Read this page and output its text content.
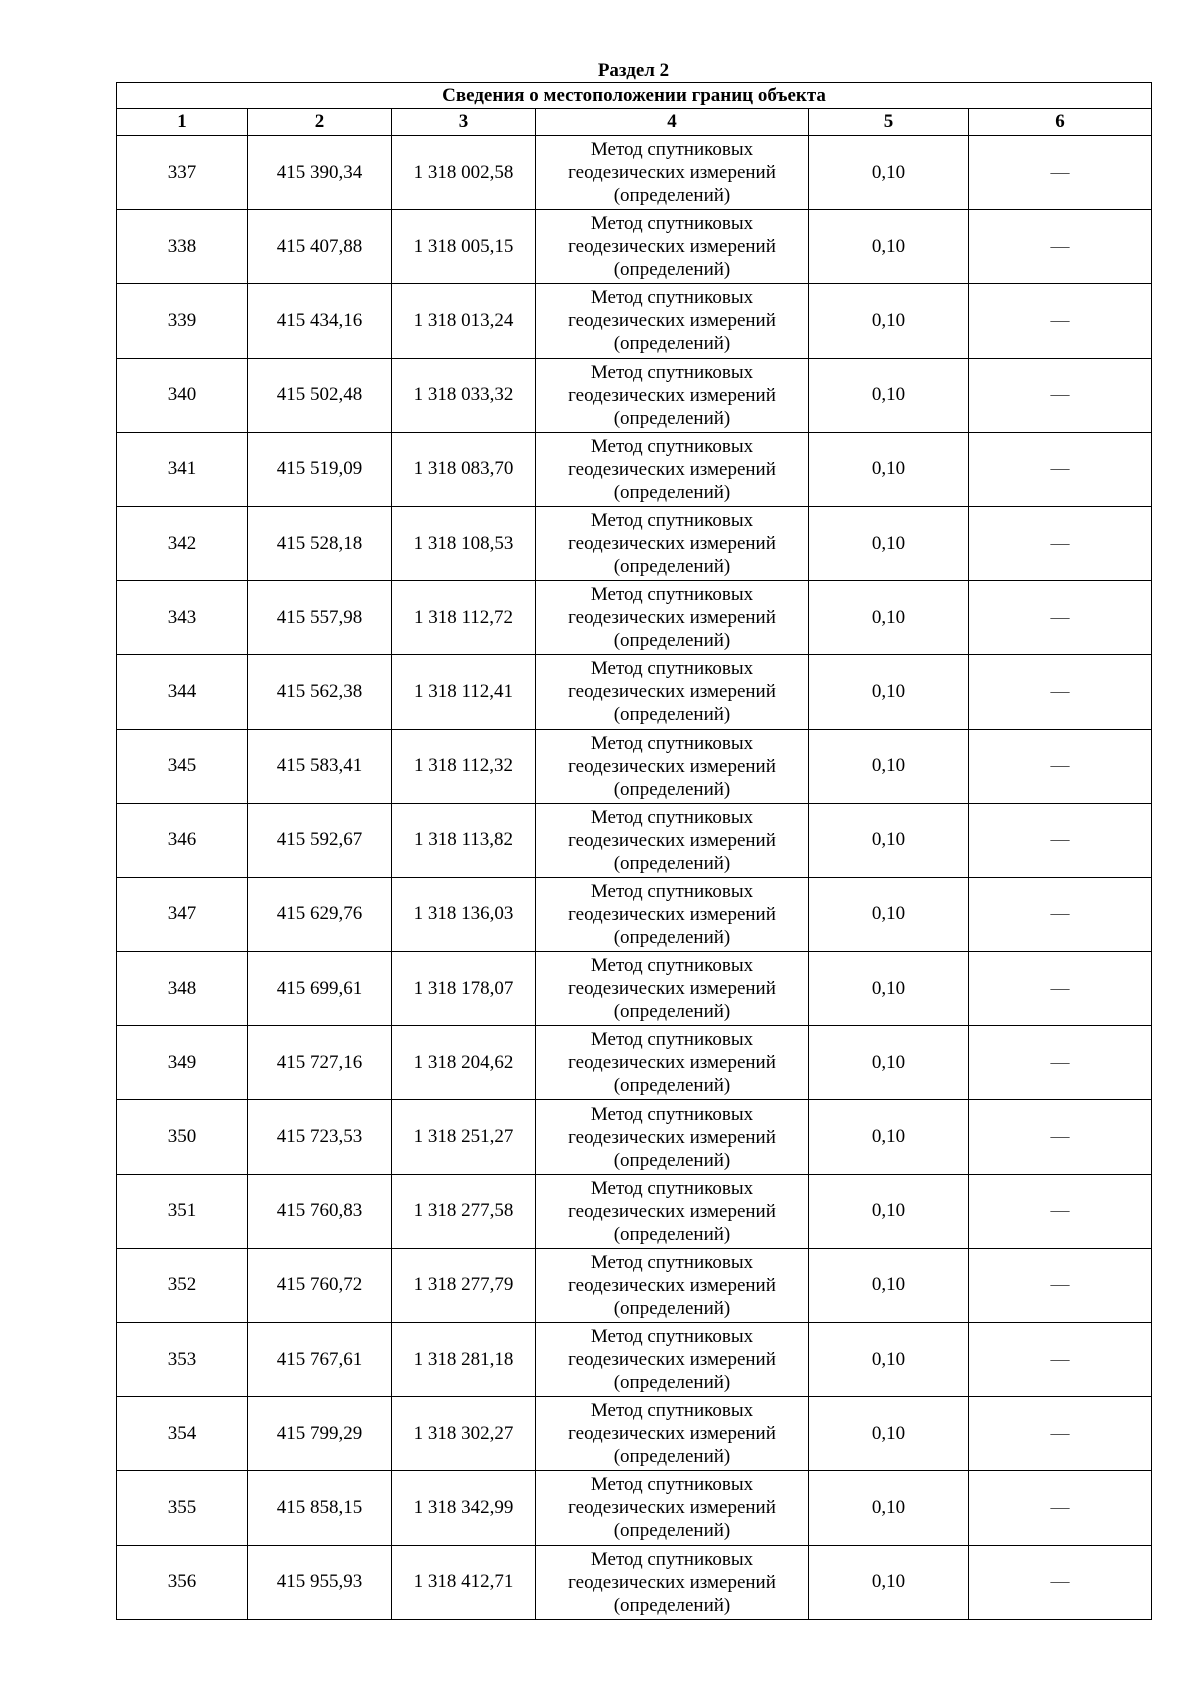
Раздел 2
Сведения о местоположении границ объекта					
1	2	3	4	5	6
337	415 390,34	1 318 002,58	Метод спутниковых
геодезических измерений
(определений)	0,10	—
338	415 407,88	1 318 005,15	Метод спутниковых
геодезических измерений
(определений)	0,10	—
339	415 434,16	1 318 013,24	Метод спутниковых
геодезических измерений
(определений)	0,10	—
340	415 502,48	1 318 033,32	Метод спутниковых
геодезических измерений
(определений)	0,10	—
341	415 519,09	1 318 083,70	Метод спутниковых
геодезических измерений
(определений)	0,10	—
342	415 528,18	1 318 108,53	Метод спутниковых
геодезических измерений
(определений)	0,10	—
343	415 557,98	1 318 112,72	Метод спутниковых
геодезических измерений
(определений)	0,10	—
344	415 562,38	1 318 112,41	Метод спутниковых
геодезических измерений
(определений)	0,10	—
345	415 583,41	1 318 112,32	Метод спутниковых
геодезических измерений
(определений)	0,10	—
346	415 592,67	1 318 113,82	Метод спутниковых
геодезических измерений
(определений)	0,10	—
347	415 629,76	1 318 136,03	Метод спутниковых
геодезических измерений
(определений)	0,10	—
348	415 699,61	1 318 178,07	Метод спутниковых
геодезических измерений
(определений)	0,10	—
349	415 727,16	1 318 204,62	Метод спутниковых
геодезических измерений
(определений)	0,10	—
350	415 723,53	1 318 251,27	Метод спутниковых
геодезических измерений
(определений)	0,10	—
351	415 760,83	1 318 277,58	Метод спутниковых
геодезических измерений
(определений)	0,10	—
352	415 760,72	1 318 277,79	Метод спутниковых
геодезических измерений
(определений)	0,10	—
353	415 767,61	1 318 281,18	Метод спутниковых
геодезических измерений
(определений)	0,10	—
354	415 799,29	1 318 302,27	Метод спутниковых
геодезических измерений
(определений)	0,10	—
355	415 858,15	1 318 342,99	Метод спутниковых
геодезических измерений
(определений)	0,10	—
356	415 955,93	1 318 412,71	Метод спутниковых
геодезических измерений
(определений)	0,10	—
